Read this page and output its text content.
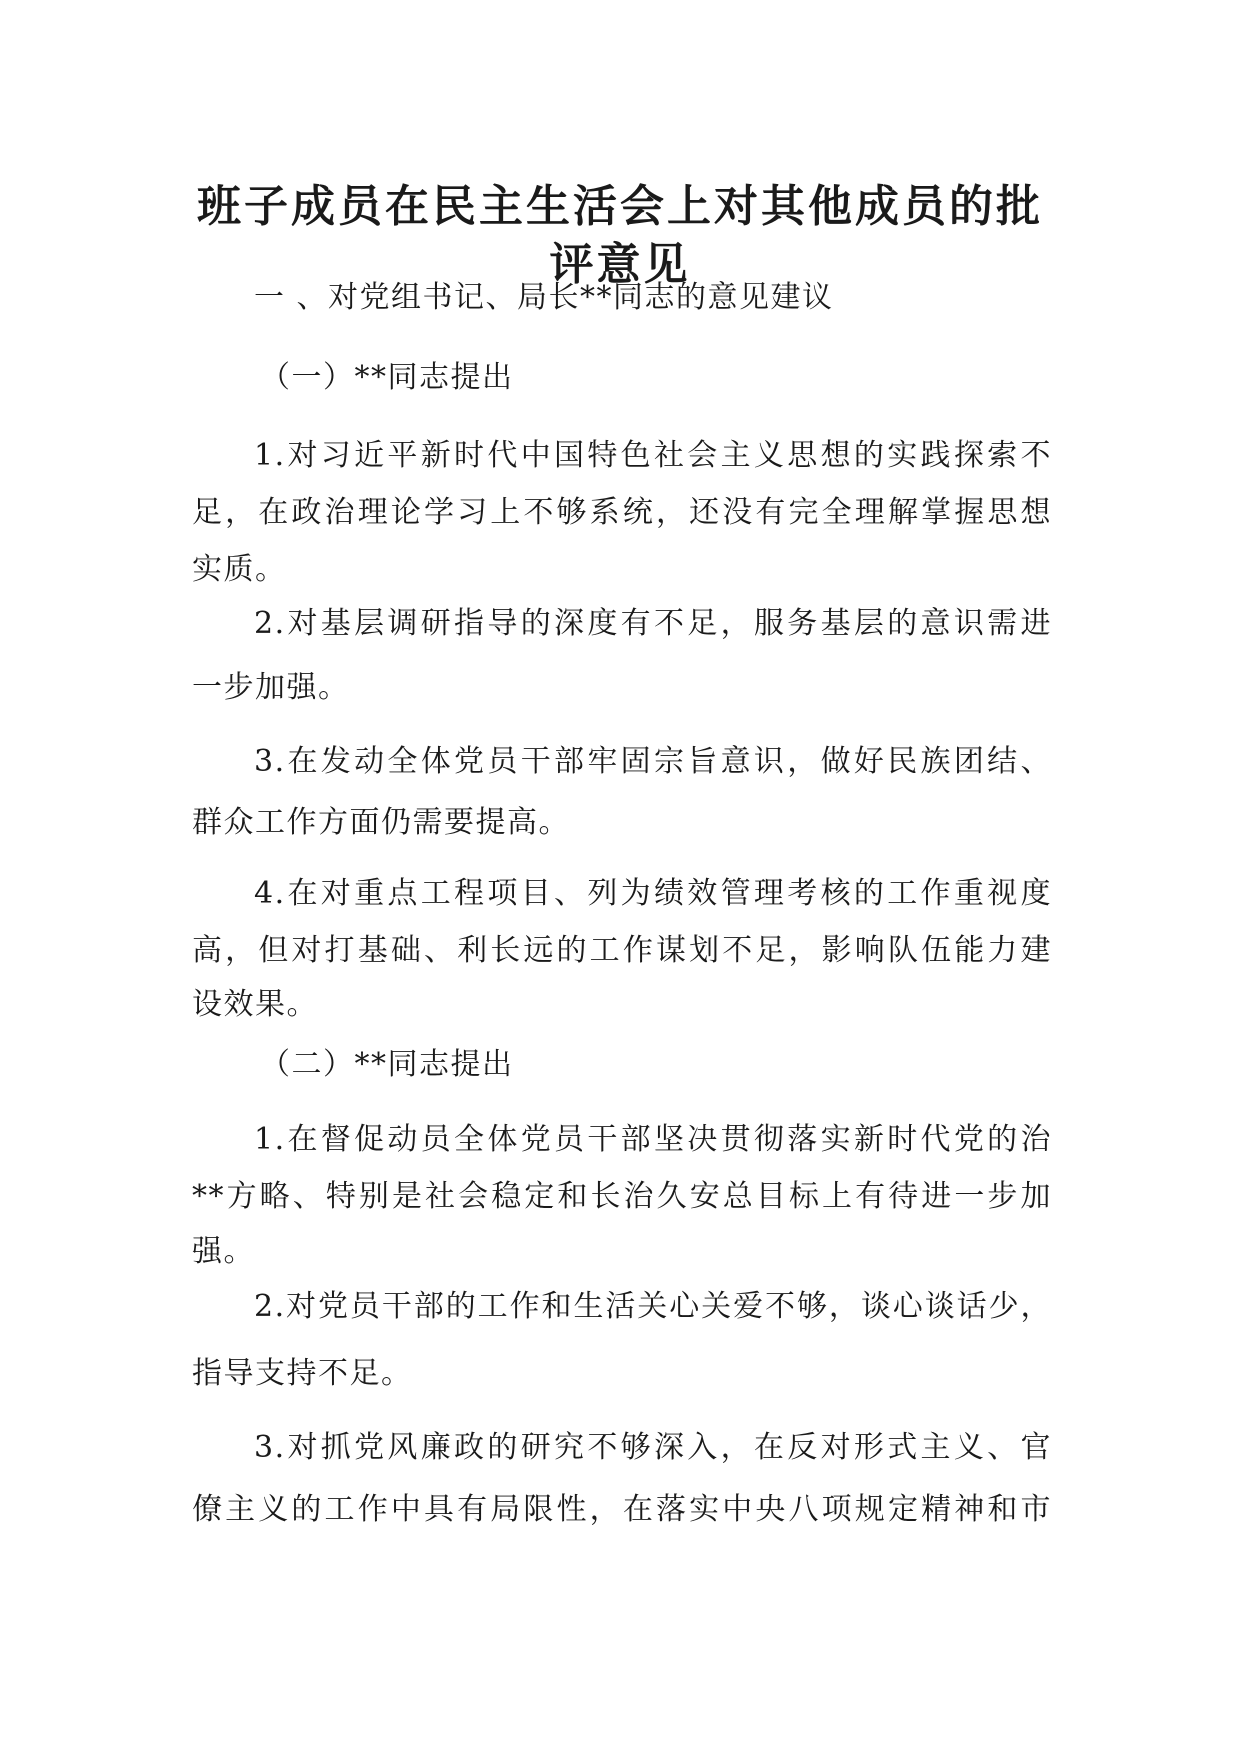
班子成员在民主生活会上对其他成员的批
评意见
一 、对党组书记、局长**同志的意见建议
（一）**同志提出
1.对习近平新时代中国特色社会主义思想的实践探索不
足，在政治理论学习上不够系统，还没有完全理解掌握思想
实质。
2.对基层调研指导的深度有不足，服务基层的意识需进
一步加强。
3.在发动全体党员干部牢固宗旨意识，做好民族团结、
群众工作方面仍需要提高。
4.在对重点工程项目、列为绩效管理考核的工作重视度
高，但对打基础、利长远的工作谋划不足，影响队伍能力建
设效果。
（二）**同志提出
1.在督促动员全体党员干部坚决贯彻落实新时代党的治
**方略、特别是社会稳定和长治久安总目标上有待进一步加
强。
2.对党员干部的工作和生活关心关爱不够，谈心谈话少，
指导支持不足。
3.对抓党风廉政的研究不够深入，在反对形式主义、官
僚主义的工作中具有局限性，在落实中央八项规定精神和市
